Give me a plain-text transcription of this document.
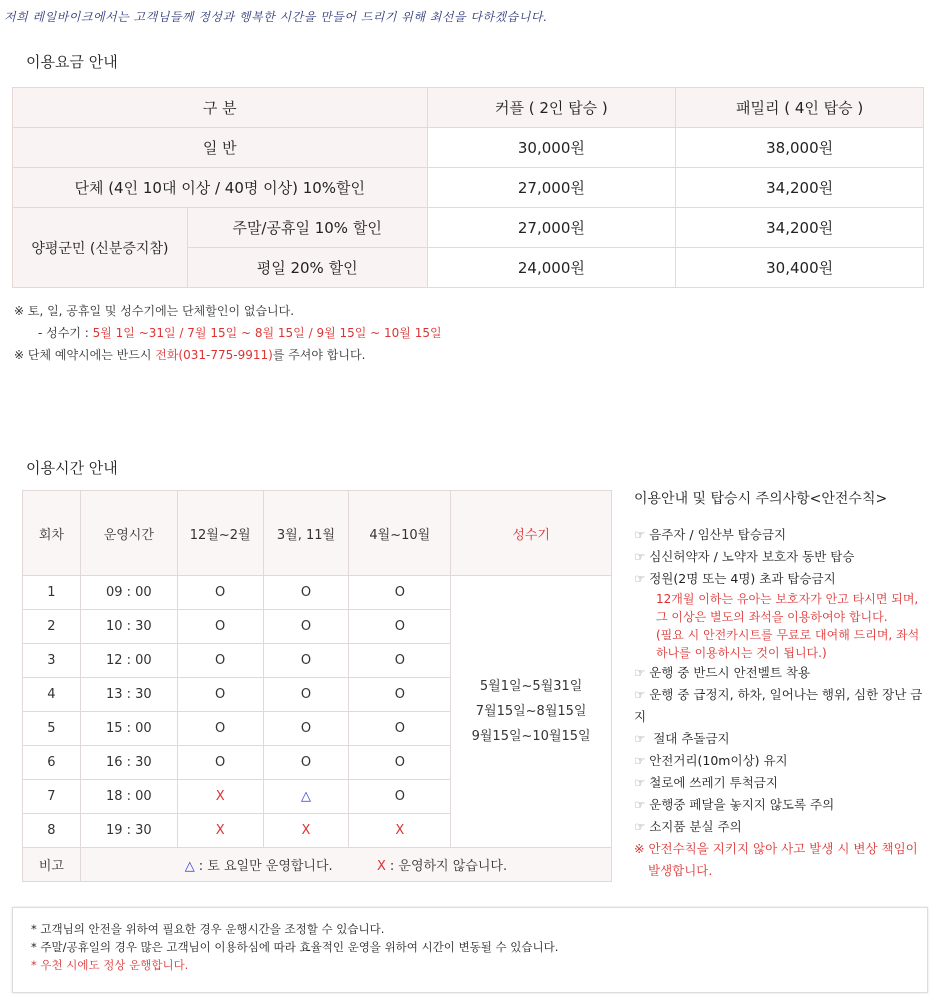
저희 레일바이크에서는 고객님들께 정성과 행복한 시간을 만들어 드리기 위해 최선을 다하겠습니다.
이용요금 안내
구 분		커플 ( 2인 탑승 )	패밀리 ( 4인 탑승 )
일 반		30,000원	38,000원
단체 (4인 10대 이상 / 40명 이상) 10%할인		27,000원	34,200원
양평군민 (신분증지참)	주말/공휴일 10% 할인	27,000원	34,200원
	평일 20% 할인	24,000원	30,400원
※ 토, 일, 공휴일 및 성수기에는 단체할인이 없습니다.
- 성수기 : 5월 1일 ~31일 / 7월 15일 ~ 8월 15일 / 9월 15일 ~ 10월 15일
※ 단체 예약시에는 반드시 전화(031-775-9911)를 주셔야 합니다.
이용시간 안내
회차	운영시간	12월~2월	3월, 11월	4월~10월	성수기
1	09 : 00	O	O	O	5월1일~5월31일
7월15일~8월15일
9월15일~10월15일

2	10 : 30	O	O	O	
3	12 : 00	O	O	O	
4	13 : 30	O	O	O	
5	15 : 00	O	O	O	
6	16 : 30	O	O	O	
7	18 : 00	X	△	O	
8	19 : 30	X	X	X	
비고	△ : 토 요일만 운영합니다. X : 운영하지 않습니다.				
이용안내 및 탑승시 주의사항<안전수칙>
☞ 음주자 / 임산부 탑승금지
☞ 심신허약자 / 노약자 보호자 동반 탑승
☞ 정원(2명 또는 4명) 초과 탑승금지
12개월 이하는 유아는 보호자가 안고 타시면 되며,
그 이상은 별도의 좌석을 이용하여야 합니다.
(필요 시 안전카시트를 무료로 대여해 드리며, 좌석
하나를 이용하시는 것이 됩니다.)
☞ 운행 중 반드시 안전벨트 착용
☞ 운행 중 급정지, 하차, 일어나는 행위, 심한 장난 금지
☞ 절대 추돌금지
☞ 안전거리(10m이상) 유지
☞ 철로에 쓰레기 투척금지
☞ 운행중 페달을 놓지지 않도록 주의
☞ 소지품 분실 주의
※ 안전수칙을 지키지 않아 사고 발생 시 변상 책임이
발생합니다.
* 고객님의 안전을 위하여 필요한 경우 운행시간을 조정할 수 있습니다.
* 주말/공휴일의 경우 많은 고객님이 이용하심에 따라 효율적인 운영을 위하여 시간이 변동될 수 있습니다.
* 우천 시에도 정상 운행합니다.
